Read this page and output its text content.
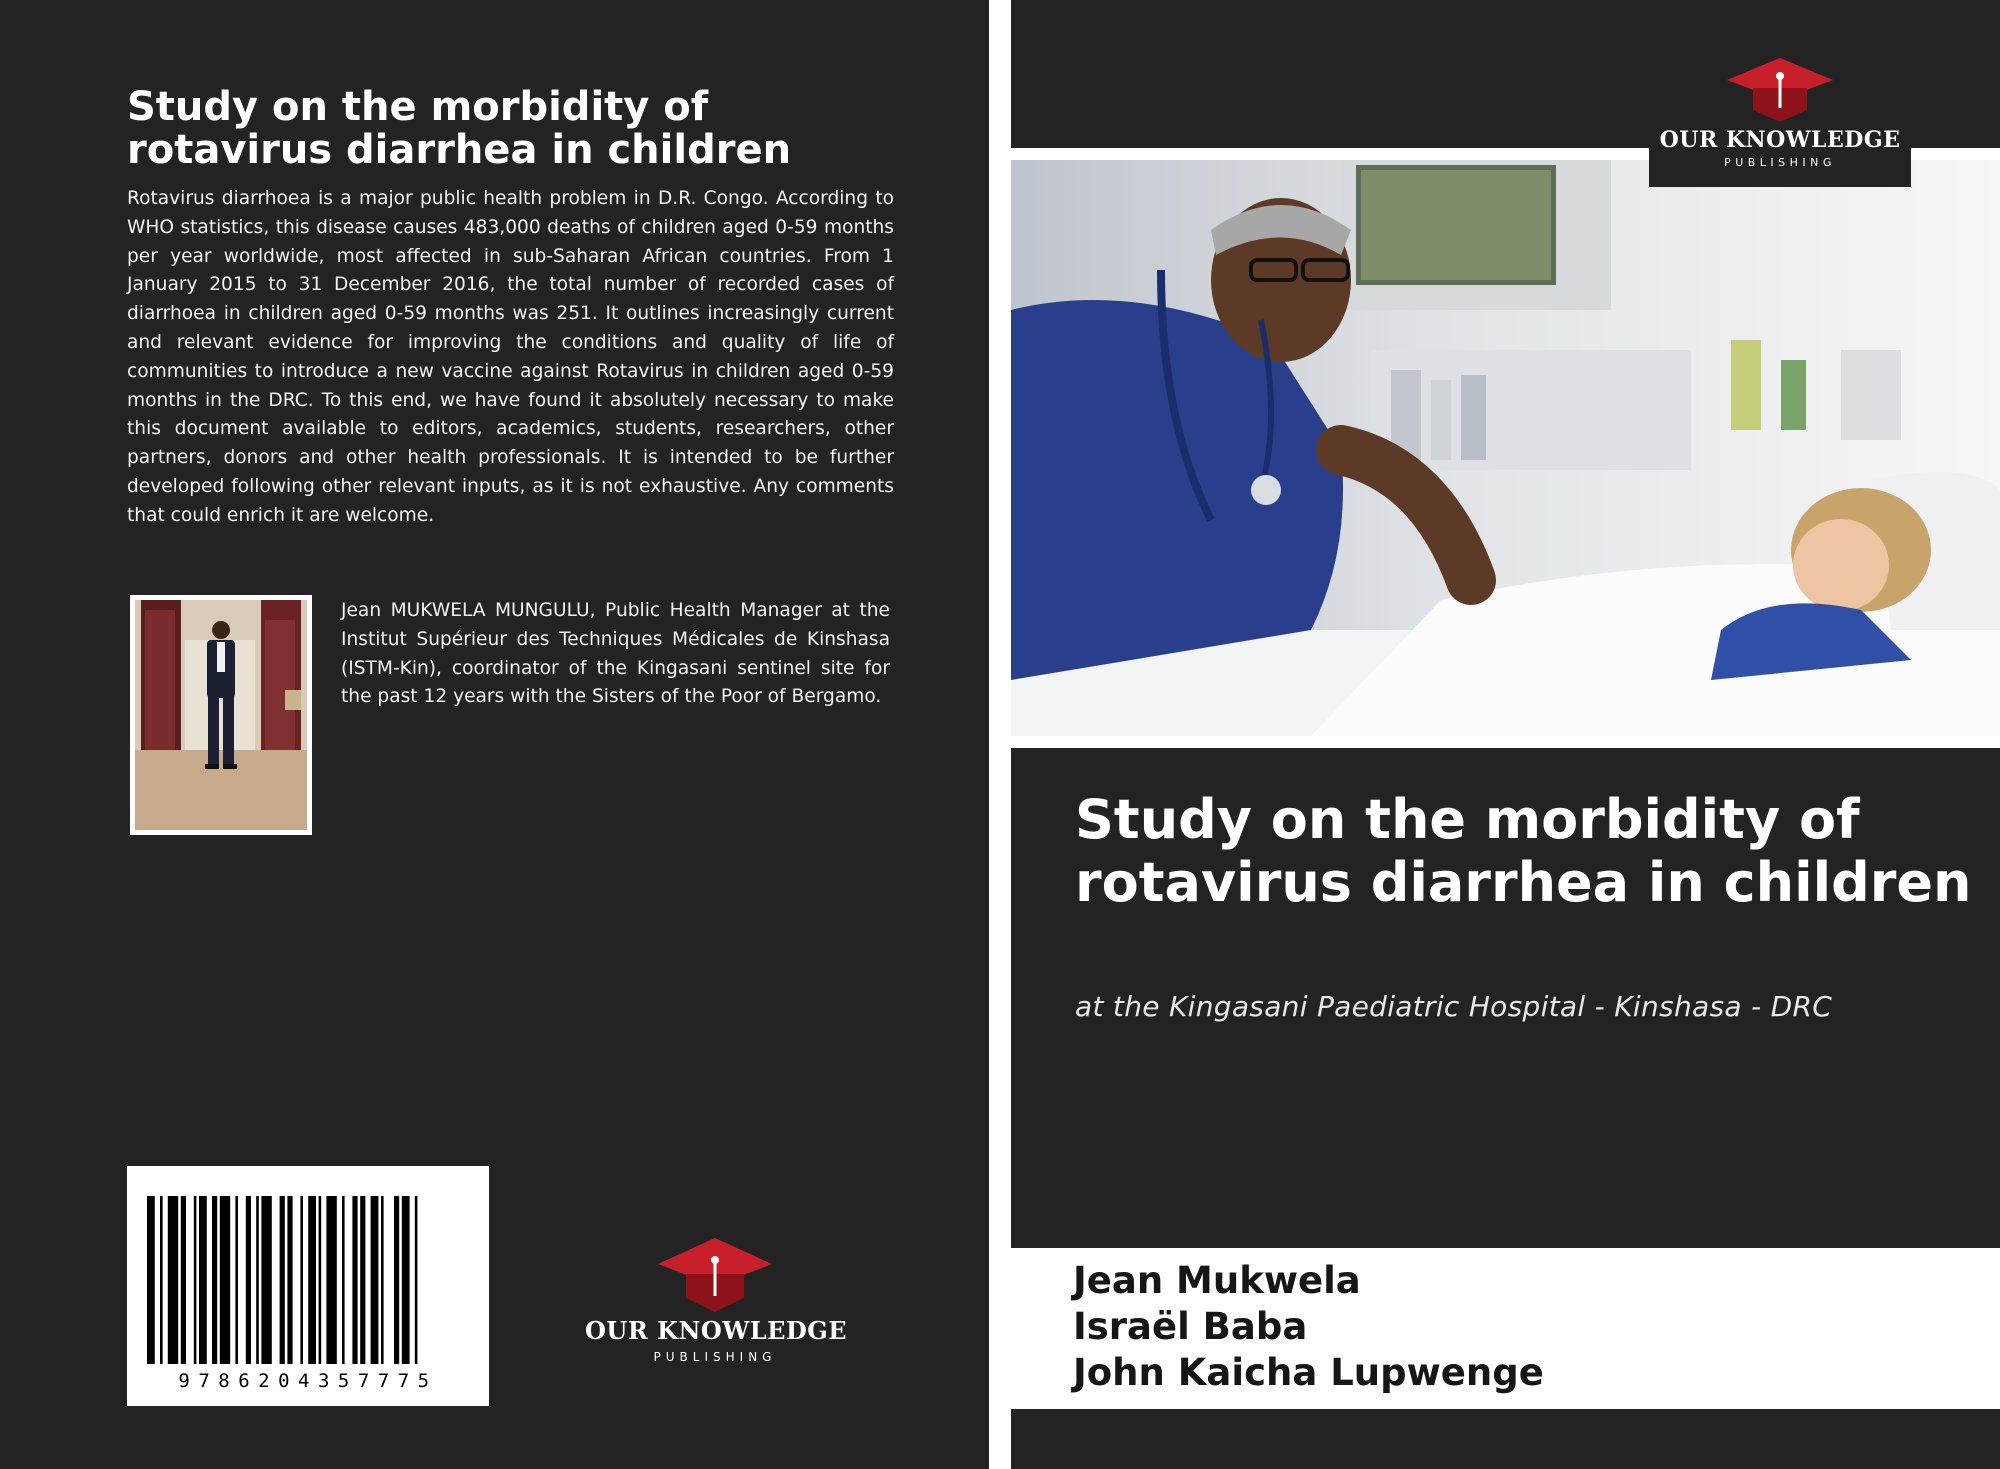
Study on the morbidity of rotavirus diarrhea in children

Rotavirus diarrhoea is a major public health problem in D.R. Congo. According to WHO statistics, this disease causes 483,000 deaths of children aged 0-59 months per year worldwide, most affected in sub-Saharan African countries. From 1 January 2015 to 31 December 2016, the total number of recorded cases of diarrhoea in children aged 0-59 months was 251. It outlines increasingly current and relevant evidence for improving the conditions and quality of life of communities to introduce a new vaccine against Rotavirus in children aged 0-59 months in the DRC. To this end, we have found it absolutely necessary to make this document available to editors, academics, students, researchers, other partners, donors and other health professionals. It is intended to be further developed following other relevant inputs, as it is not exhaustive. Any comments that could enrich it are welcome.

Jean MUKWELA MUNGULU, Public Health Manager at the Institut Supérieur des Techniques Médicales de Kinshasa (ISTM-Kin), coordinator of the Kingasani sentinel site for the past 12 years with the Sisters of the Poor of Bergamo.

9786204357775
OUR KNOWLEDGE
PUBLISHING
OUR KNOWLEDGE
PUBLISHING
Study on the morbidity of rotavirus diarrhea in children

at the Kingasani Paediatric Hospital - Kinshasa - DRC

Jean Mukwela
Israël Baba
John Kaicha Lupwenge
